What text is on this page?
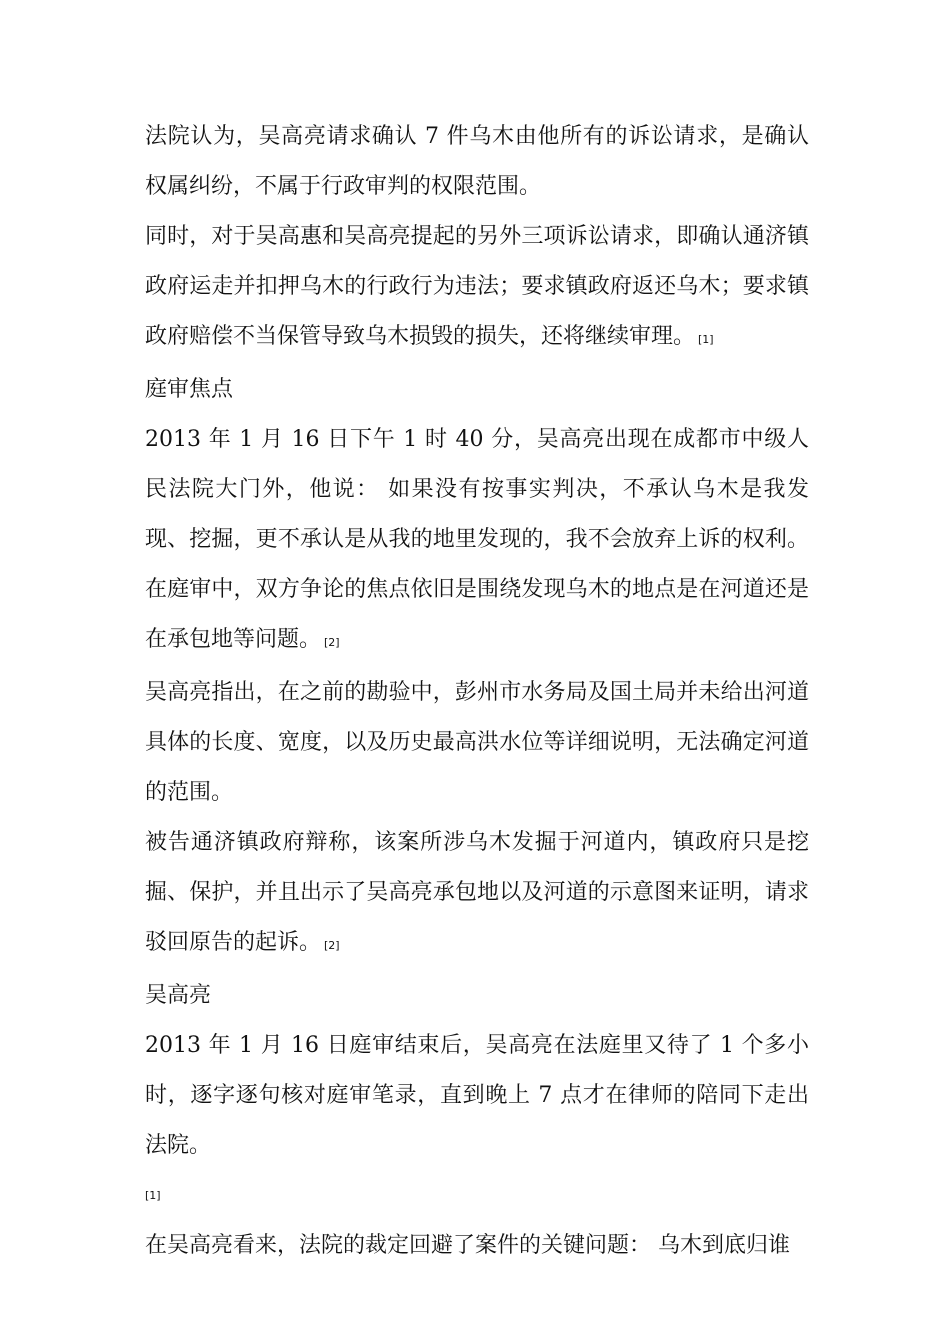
法院认为，吴高亮请求确认 7 件乌木由他所有的诉讼请求，是确认权属纠纷，不属于行政审判的权限范围。

同时，对于吴高惠和吴高亮提起的另外三项诉讼请求，即确认通济镇政府运走并扣押乌木的行政行为违法；要求镇政府返还乌木；要求镇政府赔偿不当保管导致乌木损毁的损失，还将继续审理。 [1]

庭审焦点

2013 年 1 月 16 日下午 1 时 40 分，吴高亮出现在成都市中级人民法院大门外，他说： 如果没有按事实判决，不承认乌木是我发现、挖掘，更不承认是从我的地里发现的，我不会放弃上诉的权利。 在庭审中，双方争论的焦点依旧是围绕发现乌木的地点是在河道还是在承包地等问题。 [2]

吴高亮指出，在之前的勘验中，彭州市水务局及国土局并未给出河道具体的长度、宽度，以及历史最高洪水位等详细说明，无法确定河道的范围。

被告通济镇政府辩称，该案所涉乌木发掘于河道内，镇政府只是挖掘、保护，并且出示了吴高亮承包地以及河道的示意图来证明，请求驳回原告的起诉。 [2]

吴高亮

2013 年 1 月 16 日庭审结束后，吴高亮在法庭里又待了 1 个多小时，逐字逐句核对庭审笔录，直到晚上 7 点才在律师的陪同下走出法院。

[1]

在吴高亮看来，法院的裁定回避了案件的关键问题： 乌木到底归谁
